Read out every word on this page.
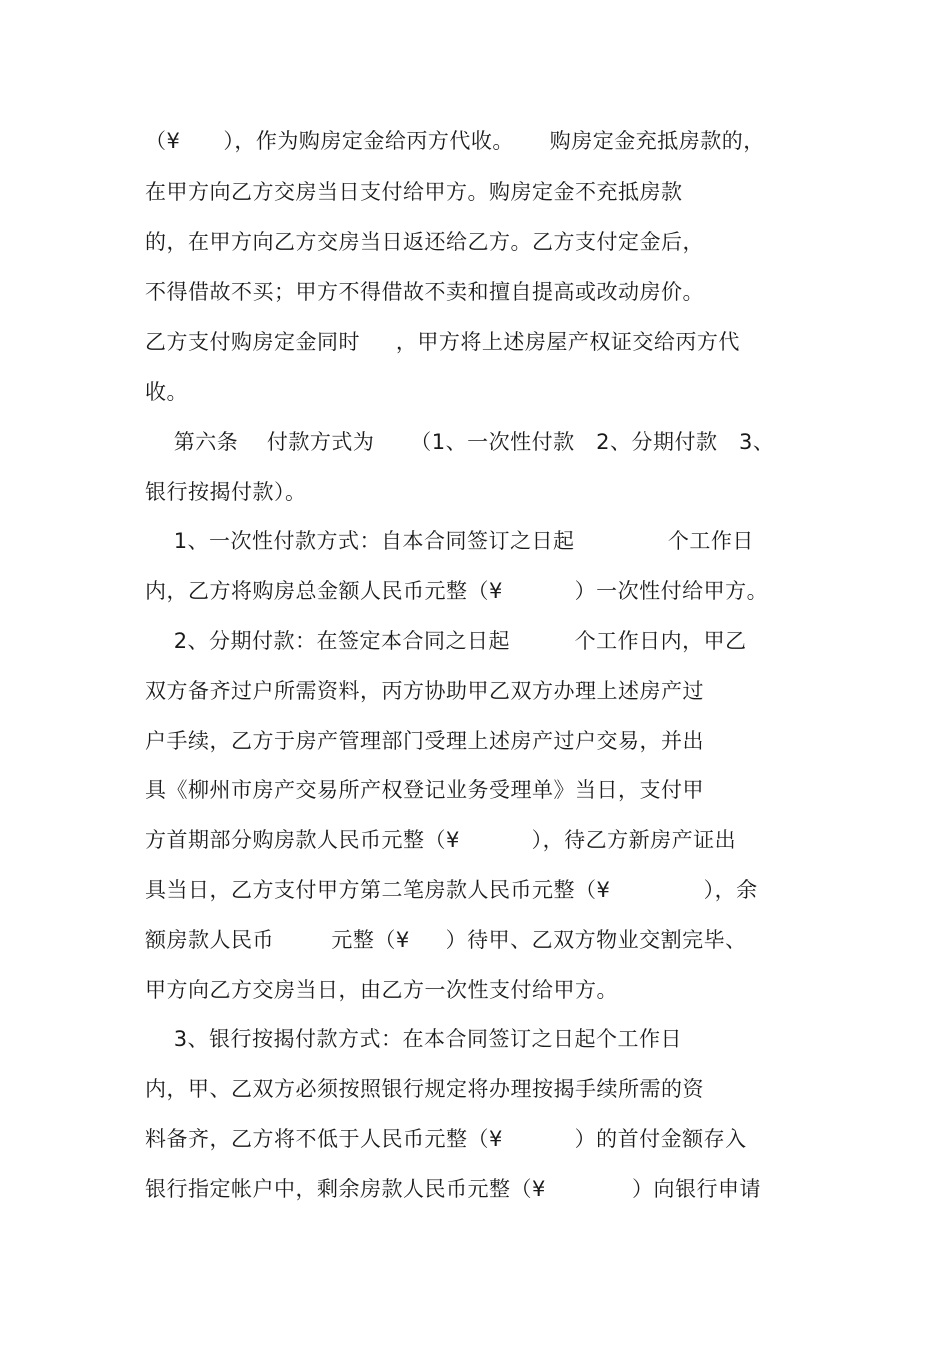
（¥      ），作为购房定金给丙方代收。     购房定金充抵房款的，
在甲方向乙方交房当日支付给甲方。购房定金不充抵房款
的，在甲方向乙方交房当日返还给乙方。乙方支付定金后，
不得借故不买；甲方不得借故不卖和擅自提高或改动房价。
乙方支付购房定金同时     ，甲方将上述房屋产权证交给丙方代
收。
第六条    付款方式为     （1、一次性付款   2、分期付款   3、
银行按揭付款）。
1、一次性付款方式：自本合同签订之日起             个工作日
内，乙方将购房总金额人民币元整（¥          ）一次性付给甲方。
2、分期付款：在签定本合同之日起         个工作日内，甲乙
双方备齐过户所需资料，丙方协助甲乙双方办理上述房产过
户手续，乙方于房产管理部门受理上述房产过户交易，并出
具《柳州市房产交易所产权登记业务受理单》当日，支付甲
方首期部分购房款人民币元整（¥          ），待乙方新房产证出
具当日，乙方支付甲方第二笔房款人民币元整（¥             ），余
额房款人民币        元整（¥     ）待甲、乙双方物业交割完毕、
甲方向乙方交房当日，由乙方一次性支付给甲方。
3、银行按揭付款方式：在本合同签订之日起个工作日
内，甲、乙双方必须按照银行规定将办理按揭手续所需的资
料备齐，乙方将不低于人民币元整（¥          ）的首付金额存入
银行指定帐户中，剩余房款人民币元整（¥            ）向银行申请
